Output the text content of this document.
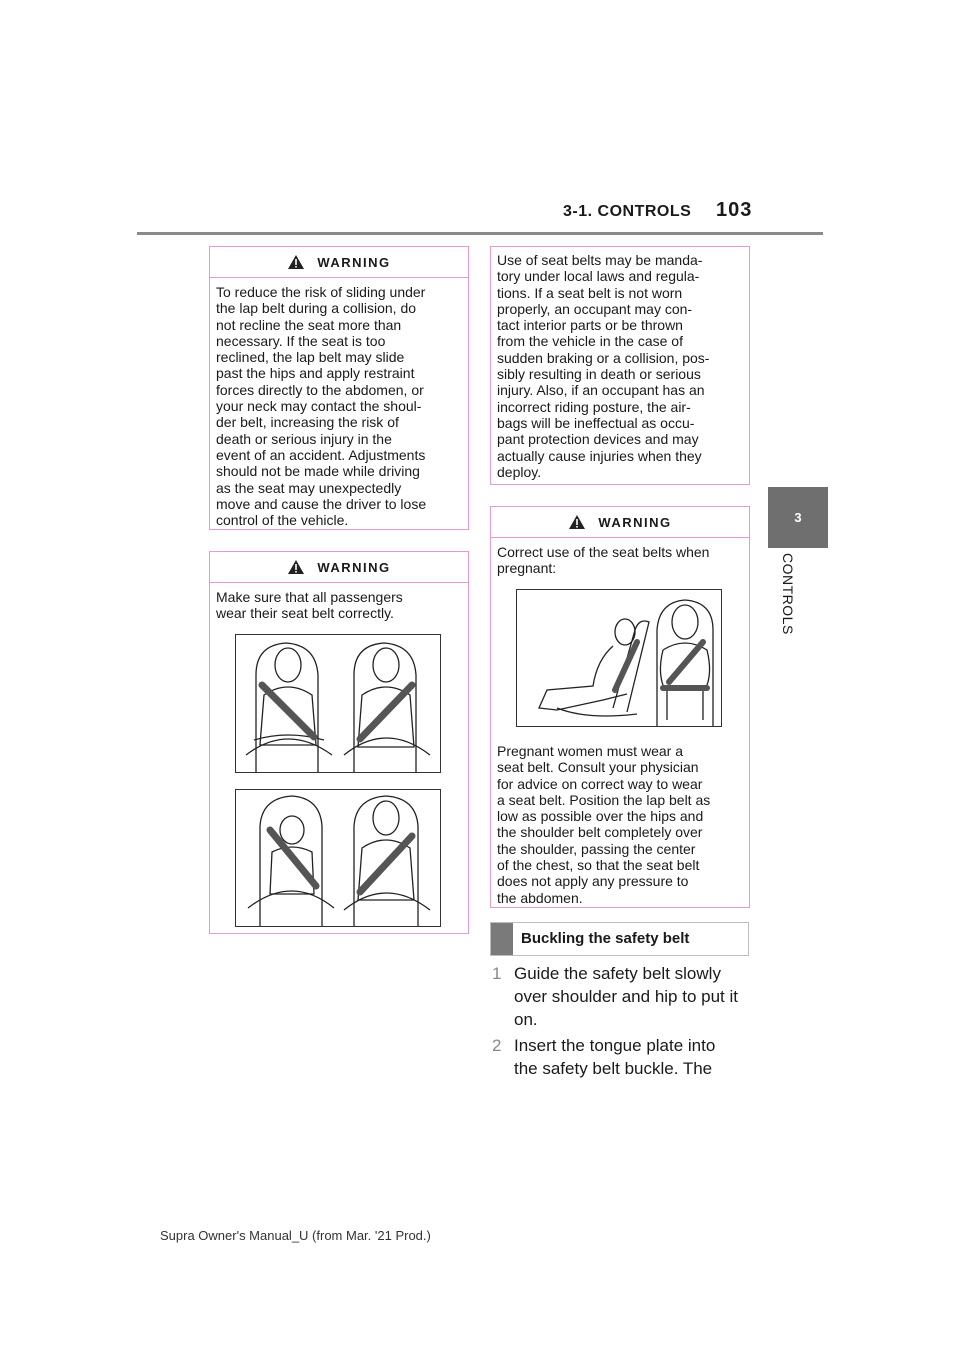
3-1. CONTROLS 103
3
CONTROLS
WARNING
To reduce the risk of sliding under
the lap belt during a collision, do
not recline the seat more than
necessary. If the seat is too
reclined, the lap belt may slide
past the hips and apply restraint
forces directly to the abdomen, or
your neck may contact the shoul-
der belt, increasing the risk of
death or serious injury in the
event of an accident. Adjustments
should not be made while driving
as the seat may unexpectedly
move and cause the driver to lose
control of the vehicle.
WARNING
Make sure that all passengers
wear their seat belt correctly.
Use of seat belts may be manda-
tory under local laws and regula-
tions. If a seat belt is not worn
properly, an occupant may con-
tact interior parts or be thrown
from the vehicle in the case of
sudden braking or a collision, pos-
sibly resulting in death or serious
injury. Also, if an occupant has an
incorrect riding posture, the air-
bags will be ineffectual as occu-
pant protection devices and may
actually cause injuries when they
deploy.
WARNING
Correct use of the seat belts when
pregnant:
Pregnant women must wear a
seat belt. Consult your physician
for advice on correct way to wear
a seat belt. Position the lap belt as
low as possible over the hips and
the shoulder belt completely over
the shoulder, passing the center
of the chest, so that the seat belt
does not apply any pressure to
the abdomen.
Buckling the safety belt
1 Guide the safety belt slowly
over shoulder and hip to put it
on.
2 Insert the tongue plate into
the safety belt buckle. The
Supra Owner's Manual_U (from Mar. '21 Prod.)
